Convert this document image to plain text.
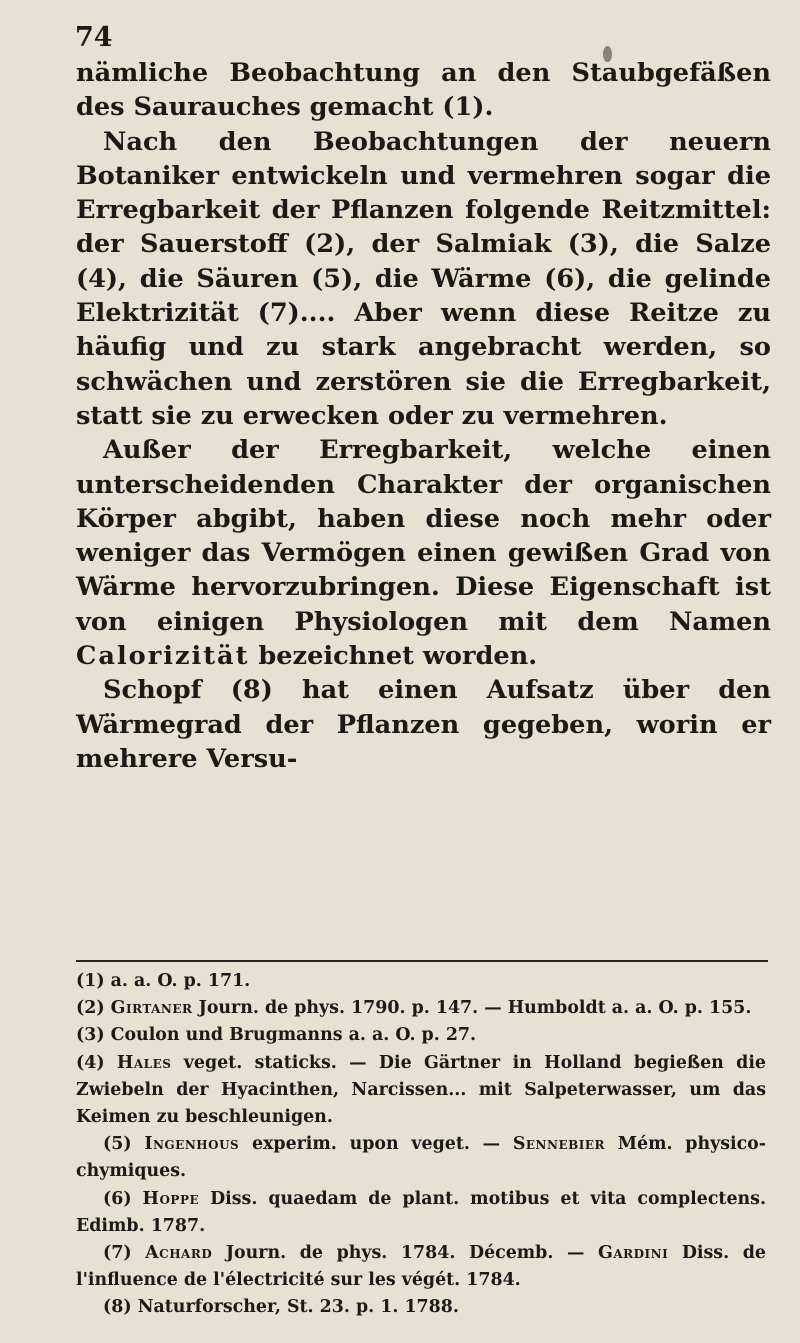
74

nämliche Beobachtung an den Staubgefäßen des Saurauches gemacht (1).

Nach den Beobachtungen der neuern Botaniker entwickeln und vermehren sogar die Erregbarkeit der Pflanzen folgende Reitzmittel: der Sauerstoff (2), der Salmiak (3), die Salze (4), die Säuren (5), die Wärme (6), die gelinde Elektrizität (7).... Aber wenn diese Reitze zu häufig und zu stark angebracht werden, so schwächen und zerstören sie die Erregbarkeit, statt sie zu erwecken oder zu vermehren.

Außer der Erregbarkeit, welche einen unterscheidenden Charakter der organischen Körper abgibt, haben diese noch mehr oder weniger das Vermögen einen gewißen Grad von Wärme hervorzubringen. Diese Eigenschaft ist von einigen Physiologen mit dem Namen Calorizität bezeichnet worden.

Schopf (8) hat einen Aufsatz über den Wärmegrad der Pflanzen gegeben, worin er mehrere Versu-

(1) a. a. O. p. 171.

(2) Girtaner Journ. de phys. 1790. p. 147. — Humboldt a. a. O. p. 155.

(3) Coulon und Brugmanns a. a. O. p. 27.

(4) Hales veget. staticks. — Die Gärtner in Holland begießen die Zwiebeln der Hyacinthen, Narcissen... mit Salpeterwasser, um das Keimen zu beschleunigen.

(5) Ingenhous experim. upon veget. — Sennebier Mém. physico-chymiques.

(6) Hoppe Diss. quaedam de plant. motibus et vita complectens. Edimb. 1787.

(7) Achard Journ. de phys. 1784. Décemb. — Gardini Diss. de l'influence de l'électricité sur les végét. 1784.

(8) Naturforscher, St. 23. p. 1. 1788.
